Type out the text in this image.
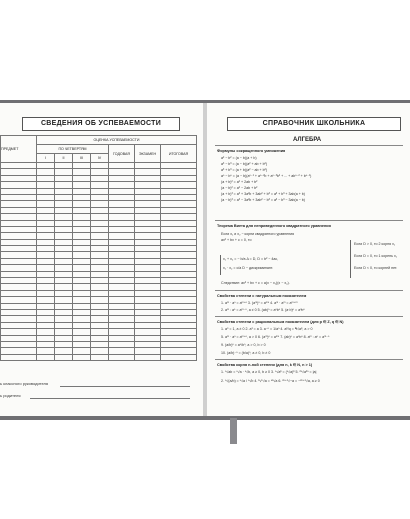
СВЕДЕНИЯ ОБ УСПЕВАЕМОСТИ
ПРЕДМЕТ	ОЦЕНКА УСПЕВАЕМОСТИ						
	ПО ЧЕТВЕРТЯМ				ГОДОВАЯ	ЭКЗАМЕН	ИТОГОВАЯ
	I	II	III	IV			

ь классного руководителя
ь родителя
СПРАВОЧНИК ШКОЛЬНИКА
АЛГЕБРА
Формулы сокращенного умножения
a² − b² = (a − b)(a + b)
a³ − b³ = (a − b)(a² + ab + b²)
a³ + b³ = (a + b)(a² − ab + b²)
aⁿ − bⁿ = (a − b)(aⁿ⁻¹ + aⁿ⁻²b + aⁿ⁻³b² + ... + abⁿ⁻² + bⁿ⁻¹)
(a + b)² = a² + 2ab + b²
(a − b)² = a² − 2ab + b²
(a + b)³ = a³ + 3a²b + 3ab² + b³ = a³ + b³ + 3ab(a + b)
(a − b)³ = a³ − 3a²b + 3ab² − b³ = a³ − b³ − 3ab(a − b)
Теорема Виета для неприведенного квадратного уравнения
Если x₁ и x₂ − корни квадратного уравнения
ax² + bx + c = 0, то
x₁ + x₂ = − b/a Δ = D, D = b² − 4ac,
x₁ · x₂ = c/a D − дискриминант.
Следствие: ax² + bx + c = a(x − x₁)(x − x₂).
Если D > 0, то 2 корня x₁
Если D = 0, то 1 корень x₁
Если D < 0, то корней нет.
Свойства степени с натуральным показателем
1. aᵐ · aⁿ = aᵐ⁺ⁿ 3. (aᵐ)ⁿ = aᵐⁿ 4. aᵐ · aᵐ = aᵐ⁺ᵐ
2. aᵐ : aⁿ = aᵐ⁻ⁿ, a ≠ 0 5. (ab)ⁿ = aⁿbⁿ 5. (a·b)ⁿ = aⁿbⁿ
Свойства степени с рациональным показателем (для p ∈ Z, q ∈ N)
1. a⁰ = 1, a ≠ 0 2. a¹ = a 3. a⁻ⁿ = 1/aⁿ 4. aᵖ/q = ᑫ√aᵖ, a > 0
5. aᵐ · aⁿ = aᵐ⁺ⁿ, a > 0 6. (aᵐ)ⁿ = aᵐⁿ 7. (ab)ⁿ = aⁿbⁿ 8. aᵐ : aⁿ = aᵐ⁻ⁿ
9. (a/b)ⁿ = aⁿ/bⁿ, a > 0, b > 0
10. (a/b)⁻ⁿ = (b/a)ⁿ, a ≠ 0, b ≠ 0
Свойства корня n-ной степени (для n, k ∈ N, n > 1)
1. ⁿ√ab = ⁿ√a · ⁿ√b, a ≥ 0, b ≥ 0 3. ⁿ√aᵏ = (ⁿ√a)ᵏ 5. ²ⁿ√a²ⁿ = |a|
2. ⁿ√(a/b) = ⁿ√a / ⁿ√b 4. ᵏ√ⁿ√a = ⁿᵏ√a 6. ²ⁿ⁺¹√−a = −²ⁿ⁺¹√a, a ≥ 0
